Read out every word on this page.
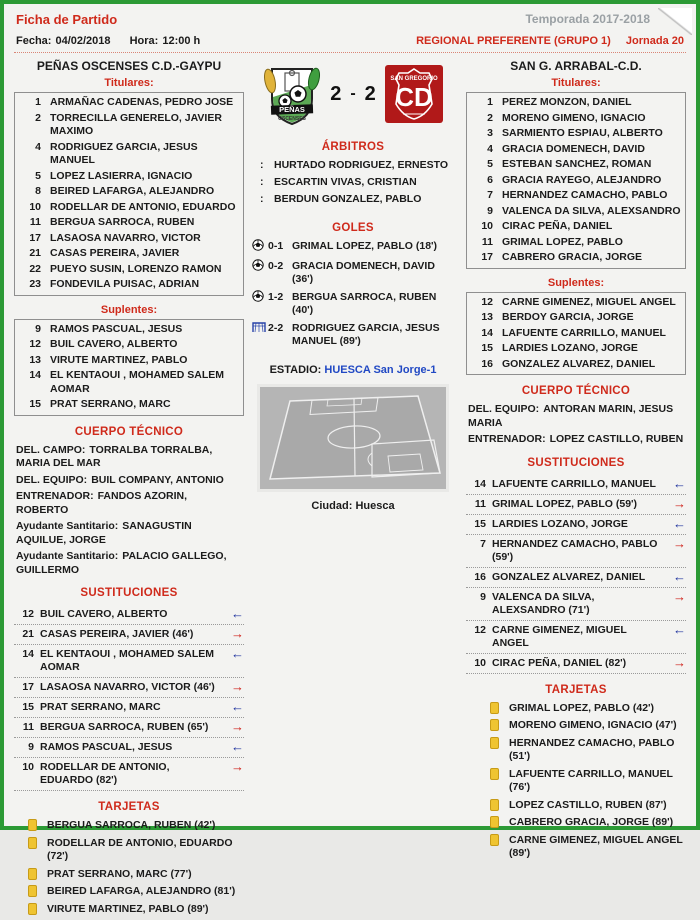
Ficha de Partido	Temporada 2017-2018
Fecha: 04/02/2018 Hora: 12:00 h	REGIONAL PREFERENTE (GRUPO 1) Jornada 20
PEÑAS OSCENSES C.D.-GAYPU
Titulares:
1 ARMAÑAC CADENAS, PEDRO JOSE
2 TORRECILLA GENERELO, JAVIER MAXIMO
4 RODRIGUEZ GARCIA, JESUS MANUEL
5 LOPEZ LASIERRA, IGNACIO
8 BEIRED LAFARGA, ALEJANDRO
10 RODELLAR DE ANTONIO, EDUARDO
11 BERGUA SARROCA, RUBEN
17 LASAOSA NAVARRO, VICTOR
21 CASAS PEREIRA, JAVIER
22 PUEYO SUSIN, LORENZO RAMON
23 FONDEVILA PUISAC, ADRIAN
Suplentes:
9 RAMOS PASCUAL, JESUS
12 BUIL CAVERO, ALBERTO
13 VIRUTE MARTINEZ, PABLO
14 EL KENTAOUI , MOHAMED SALEM AOMAR
15 PRAT SERRANO, MARC
CUERPO TÉCNICO
DEL. CAMPO: TORRALBA TORRALBA, MARIA DEL MAR
DEL. EQUIPO: BUIL COMPANY, ANTONIO
ENTRENADOR: FANDOS AZORIN, ROBERTO
Ayudante Santitario: SANAGUSTIN AQUILUE, JORGE
Ayudante Santitario: PALACIO GALLEGO, GUILLERMO
SUSTITUCIONES
12 BUIL CAVERO, ALBERTO	←
21 CASAS PEREIRA, JAVIER (46')	→
14 EL KENTAOUI , MOHAMED SALEM AOMAR
←
17 LASAOSA NAVARRO, VICTOR (46')	→
15 PRAT SERRANO, MARC	←
11 BERGUA SARROCA, RUBEN (65')	→
9 RAMOS PASCUAL, JESUS	←
10 RODELLAR DE ANTONIO, EDUARDO (82')
→
TARJETAS
BERGUA SARROCA, RUBEN (42')
RODELLAR DE ANTONIO, EDUARDO (72')
PRAT SERRANO, MARC (77')
BEIRED LAFARGA, ALEJANDRO (81')
VIRUTE MARTINEZ, PABLO (89')
PEÑAS
OSCENSES
2 - 2
SAN GREGORIO
CD
ÁRBITROS
:	HURTADO RODRIGUEZ, ERNESTO
:	ESCARTIN VIVAS, CRISTIAN
:	BERDUN GONZALEZ, PABLO
GOLES
0-1 GRIMAL LOPEZ, PABLO (18')
0-2 GRACIA DOMENECH, DAVID (36')
1-2 BERGUA SARROCA, RUBEN (40')
2-2 RODRIGUEZ GARCIA, JESUS MANUEL (89')
ESTADIO: HUESCA San Jorge-1
Ciudad: Huesca
SAN G. ARRABAL-C.D.
Titulares:
1 PEREZ MONZON, DANIEL
2 MORENO GIMENO, IGNACIO
3 SARMIENTO ESPIAU, ALBERTO
4 GRACIA DOMENECH, DAVID
5 ESTEBAN SANCHEZ, ROMAN
6 GRACIA RAYEGO, ALEJANDRO
7 HERNANDEZ CAMACHO, PABLO
9 VALENCA DA SILVA, ALEXSANDRO
10 CIRAC PEÑA, DANIEL
11 GRIMAL LOPEZ, PABLO
17 CABRERO GRACIA, JORGE
Suplentes:
12 CARNE GIMENEZ, MIGUEL ANGEL
13 BERDOY GARCIA, JORGE
14 LAFUENTE CARRILLO, MANUEL
15 LARDIES LOZANO, JORGE
16 GONZALEZ ALVAREZ, DANIEL
CUERPO TÉCNICO
DEL. EQUIPO: ANTORAN MARIN, JESUS MARIA
ENTRENADOR: LOPEZ CASTILLO, RUBEN
SUSTITUCIONES
14 LAFUENTE CARRILLO, MANUEL	←
11 GRIMAL LOPEZ, PABLO (59')	→
15 LARDIES LOZANO, JORGE	←
7 HERNANDEZ CAMACHO, PABLO (59')
→
16 GONZALEZ ALVAREZ, DANIEL	←
9 VALENCA DA SILVA, ALEXSANDRO (71')
→
12 CARNE GIMENEZ, MIGUEL ANGEL
←
10 CIRAC PEÑA, DANIEL (82')	→
TARJETAS
GRIMAL LOPEZ, PABLO (42')
MORENO GIMENO, IGNACIO (47')
HERNANDEZ CAMACHO, PABLO (51')
LAFUENTE CARRILLO, MANUEL (76')
LOPEZ CASTILLO, RUBEN (87')
CABRERO GRACIA, JORGE (89')
CARNE GIMENEZ, MIGUEL ANGEL (89')
